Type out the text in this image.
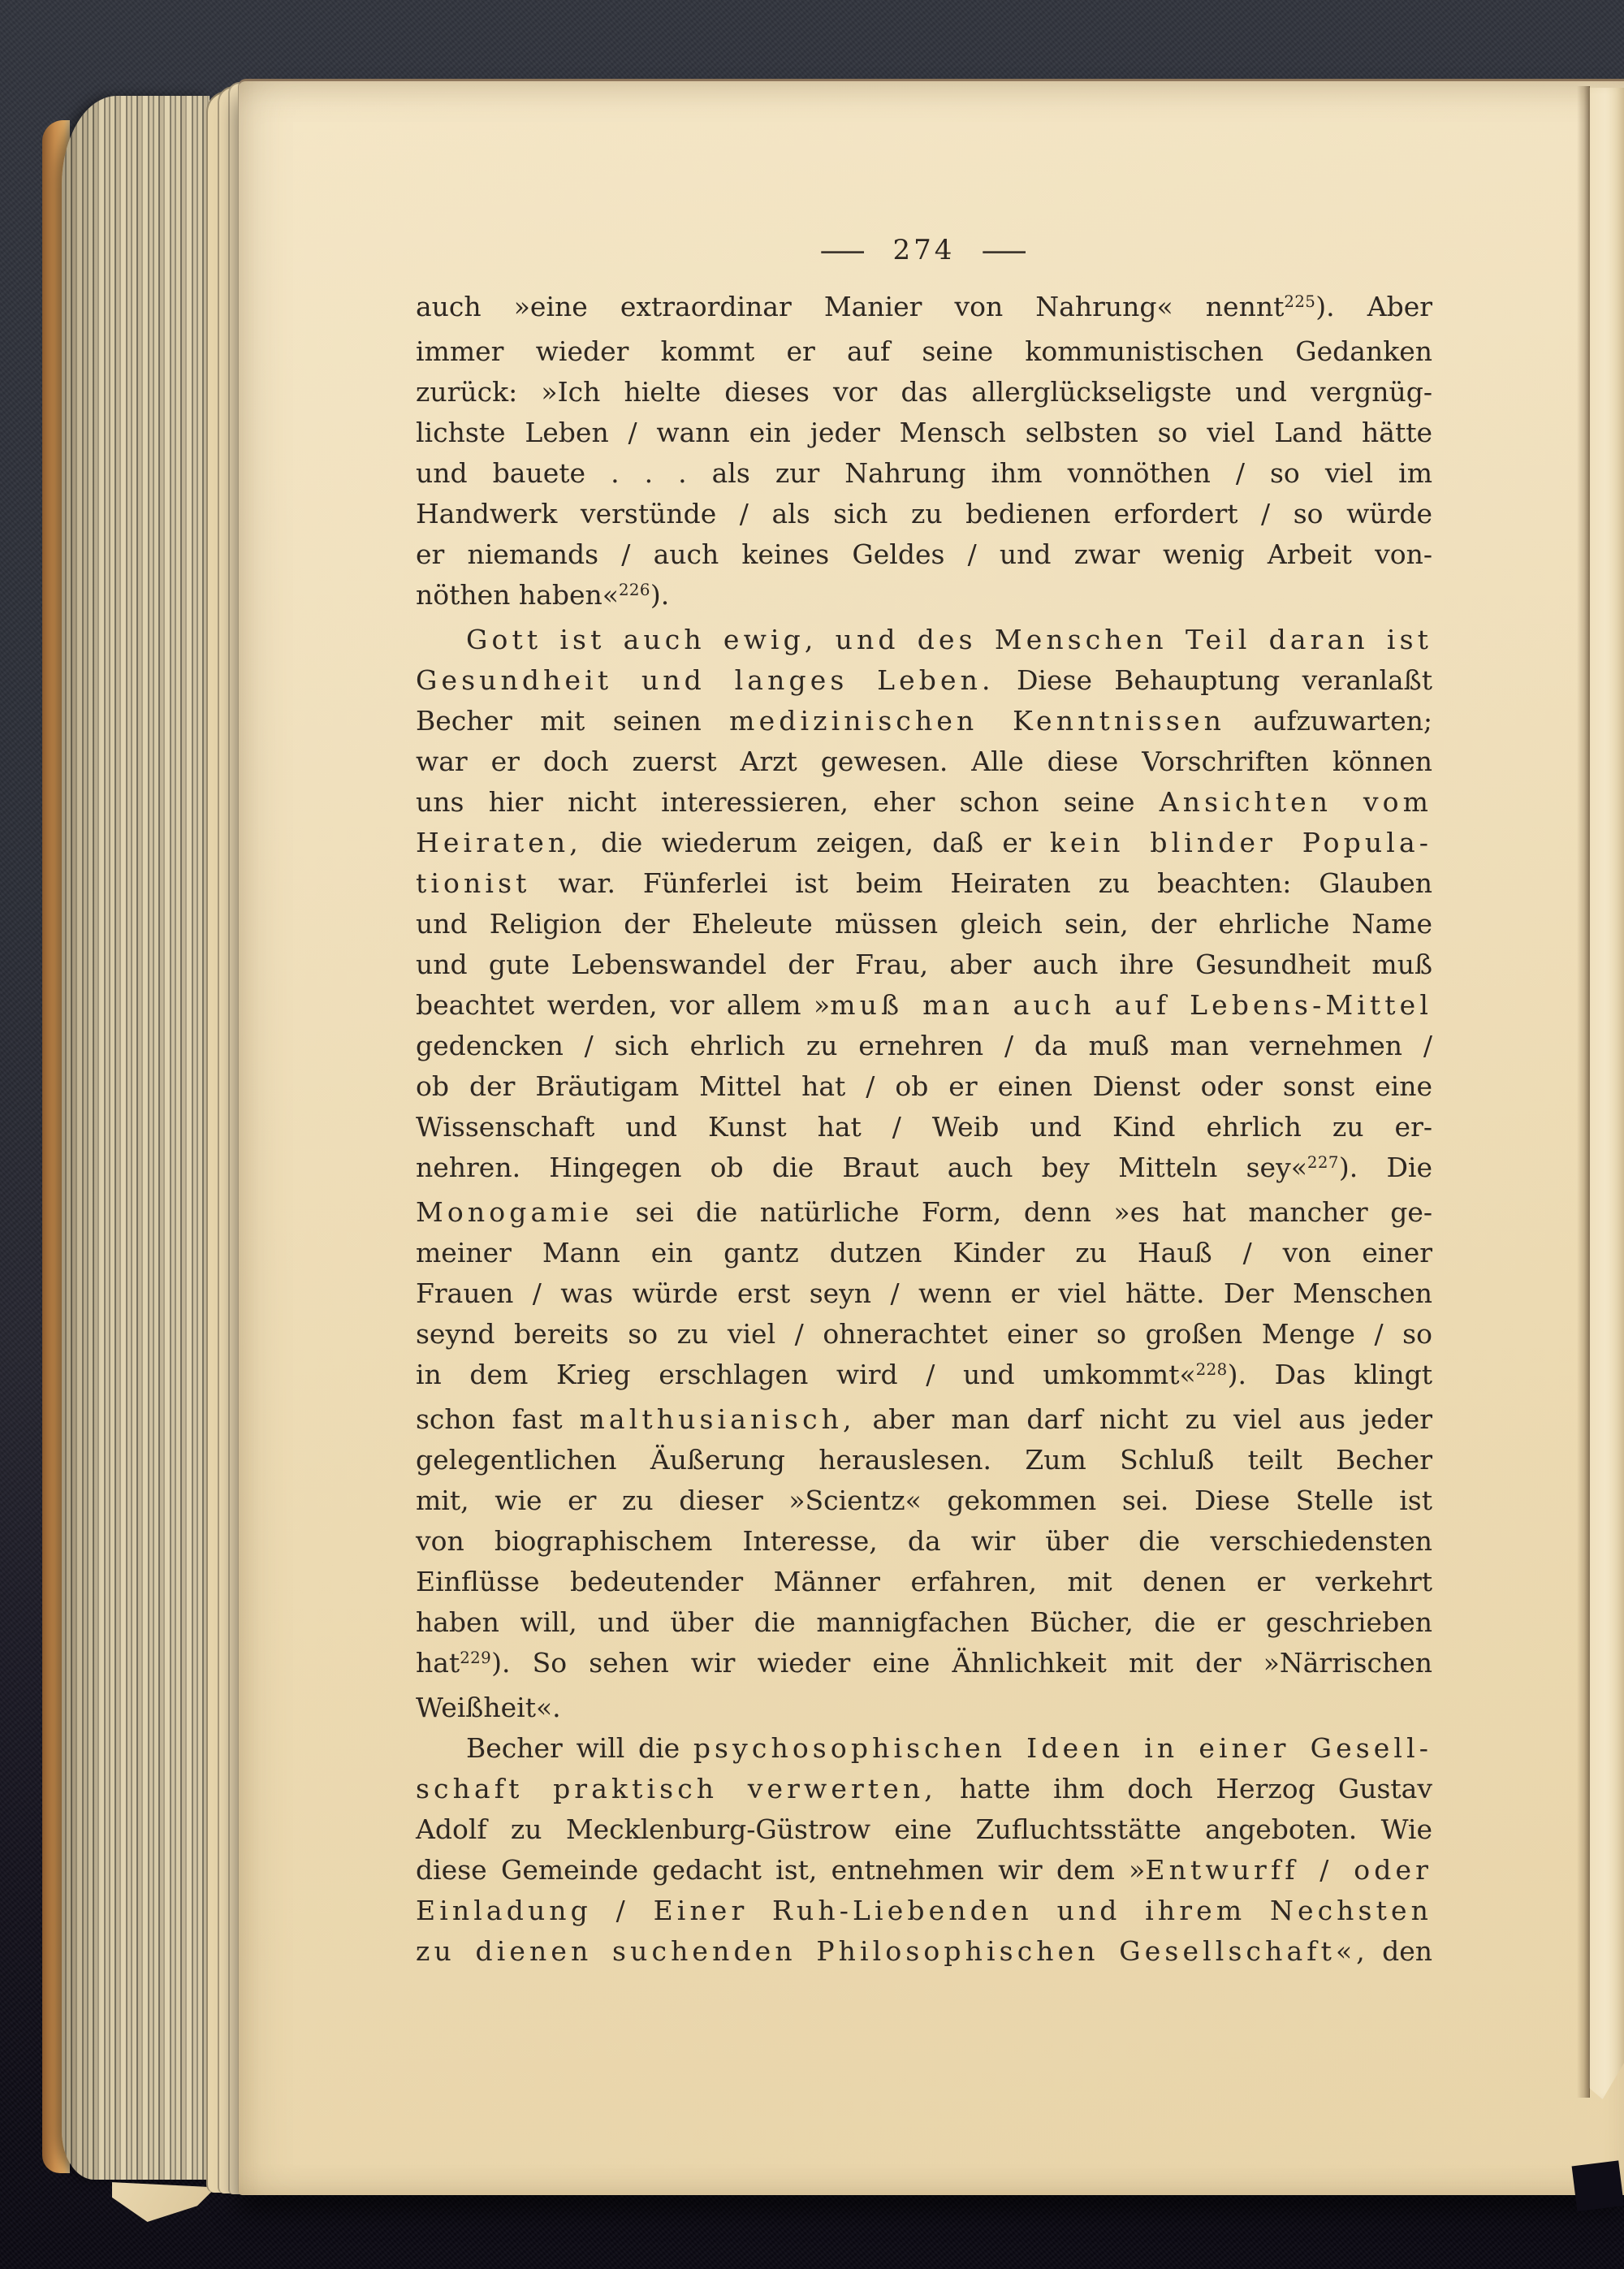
— 274 —
auch »eine extraordinar Manier von Nahrung« nennt$^{225}$). Aber
immer wieder kommt er auf seine kommunistischen Gedanken
zurück: »Ich hielte dieses vor das allerglückseligste und vergnüg-
lichste Leben / wann ein jeder Mensch selbsten so viel Land hätte
und bauete . . . als zur Nahrung ihm vonnöthen / so viel im
Handwerk verstünde / als sich zu bedienen erfordert / so würde
er niemands / auch keines Geldes / und zwar wenig Arbeit von-
nöthen haben«$^{226}$).
Gott ist auch ewig, und des Menschen Teil daran ist
Gesundheit und langes Leben. Diese Behauptung veranlaßt
Becher mit seinen medizinischen Kenntnissen aufzuwarten;
war er doch zuerst Arzt gewesen. Alle diese Vorschriften können
uns hier nicht interessieren, eher schon seine Ansichten vom
Heiraten, die wiederum zeigen, daß er kein blinder Popula-
tionist war. Fünferlei ist beim Heiraten zu beachten: Glauben
und Religion der Eheleute müssen gleich sein, der ehrliche Name
und gute Lebenswandel der Frau, aber auch ihre Gesundheit muß
beachtet werden, vor allem »muß man auch auf Lebens-Mittel
gedencken / sich ehrlich zu ernehren / da muß man vernehmen /
ob der Bräutigam Mittel hat / ob er einen Dienst oder sonst eine
Wissenschaft und Kunst hat / Weib und Kind ehrlich zu er-
nehren. Hingegen ob die Braut auch bey Mitteln sey«$^{227}$). Die
Monogamie sei die natürliche Form, denn »es hat mancher ge-
meiner Mann ein gantz dutzen Kinder zu Hauß / von einer
Frauen / was würde erst seyn / wenn er viel hätte. Der Menschen
seynd bereits so zu viel / ohnerachtet einer so großen Menge / so
in dem Krieg erschlagen wird / und umkommt«$^{228}$). Das klingt
schon fast malthusianisch, aber man darf nicht zu viel aus jeder
gelegentlichen Äußerung herauslesen. Zum Schluß teilt Becher
mit, wie er zu dieser »Scientz« gekommen sei. Diese Stelle ist
von biographischem Interesse, da wir über die verschiedensten
Einflüsse bedeutender Männer erfahren, mit denen er verkehrt
haben will, und über die mannigfachen Bücher, die er geschrieben
hat$^{229}$). So sehen wir wieder eine Ähnlichkeit mit der »Närrischen
Weißheit«.
Becher will die psychosophischen Ideen in einer Gesell-
schaft praktisch verwerten, hatte ihm doch Herzog Gustav
Adolf zu Mecklenburg-Güstrow eine Zufluchtsstätte angeboten. Wie
diese Gemeinde gedacht ist, entnehmen wir dem »Entwurff / oder
Einladung / Einer Ruh-Liebenden und ihrem Nechsten
zu dienen suchenden Philosophischen Gesellschaft«, den
